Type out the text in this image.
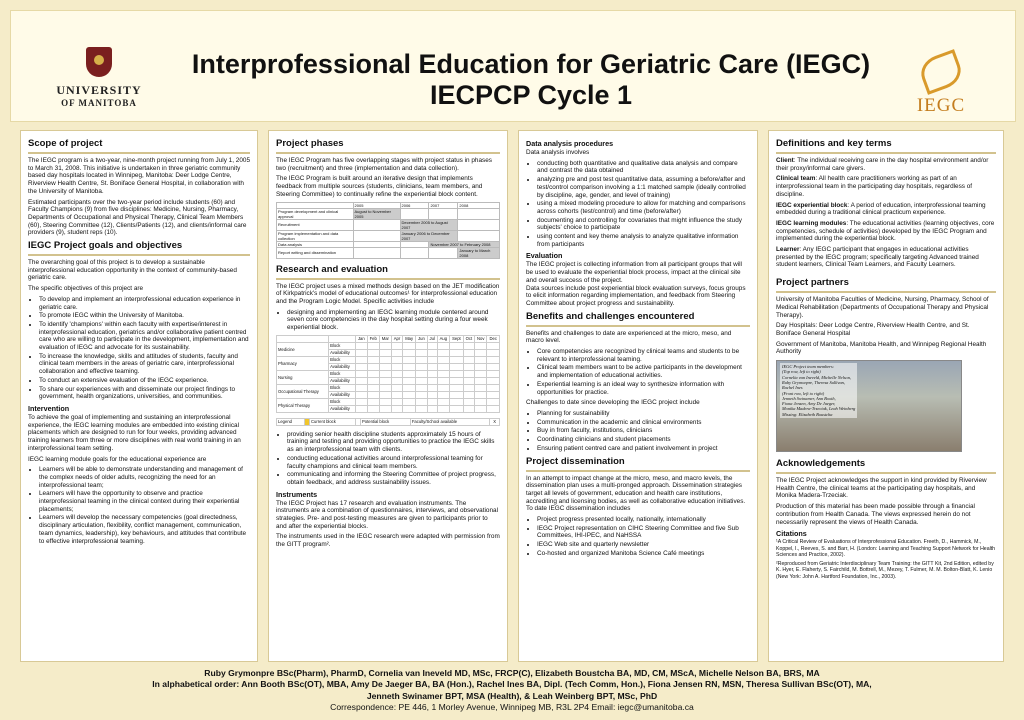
UNIVERSITY
OF MANITOBA
Interprofessional Education for Geriatric Care (IEGC)
IECPCP Cycle 1	IEGC
Scope of project

The IEGC program is a two-year, nine-month project running from July 1, 2005 to March 31, 2008. This initiative is undertaken in three geriatric community based day hospitals located in Winnipeg, Manitoba: Deer Lodge Centre, Riverview Health Centre, St. Boniface General Hospital, in collaboration with the University of Manitoba.

Estimated participants over the two-year period include students (60) and Faculty Champions (9) from five disciplines: Medicine, Nursing, Pharmacy, Departments of Occupational and Physical Therapy, Clinical Team Members (60), Steering Committee (12), Clients/Patients (12), and clients/informal care providers (9), student reps (10).

IEGC Project goals and objectives

The overarching goal of this project is to develop a sustainable interprofessional education opportunity in the context of community-based geriatric care.

The specific objectives of this project are

• To develop and implement an interprofessional education experience in geriatric care.
• To promote IEGC within the University of Manitoba.
• To identify 'champions' within each faculty with expertise/interest in interprofessional education, geriatrics and/or collaborative patient centred care who are willing to participate in the development, implementation and evaluation of IEGC and advocate for its sustainability.
• To increase the knowledge, skills and attitudes of students, faculty and clinical team members in the areas of geriatric care, interprofessional collaboration and effective teaming.
• To conduct an extensive evaluation of the IEGC experience.
• To share our experiences with and disseminate our project findings to government, health organizations, universities, and communities.
Intervention

To achieve the goal of implementing and sustaining an interprofessional experience, the IEGC learning modules are embedded into existing clinical placements which are designed to run for four weeks, providing advanced training learners from three or more disciplines with real world training in an interprofessional team setting.

IEGC learning module goals for the educational experience are

• Learners will be able to demonstrate understanding and management of the complex needs of older adults, recognizing the need for an interprofessional team;
• Learners will have the opportunity to observe and practice interprofessional teaming in the clinical context during their experiential placements;
• Learners will develop the necessary competencies (goal directedness, disciplinary articulation, flexibility, conflict management, communication, team dynamics, leadership), key behaviours, and attitudes that contribute to effective interprofessional teaming.
Project phases

The IEGC Program has five overlapping stages with project status in phases two (recruitment) and three (implementation and data collection).

The IEGC Program is built around an iterative design that implements feedback from multiple sources (students, clinicians, team members, and Steering Committee) to continually refine the experiential block content.

	2005	2006	2007	2008
Program development and clinical approval	August to November 2005			
Recruitment		December 2005 to August 2007		
Program implementation and data collection		January 2006 to December 2007		
Data analysis			November 2007 to February 2008	
Report writing and dissemination				January to March 2008
Research and evaluation

The IEGC project uses a mixed methods design based on the JET modification of Kirkpatrick's model of educational outcomes¹ for interprofessional education and the Program Logic Model. Specific activities include

• designing and implementing an IEGC learning module centered around seven core competencies in the day hospital setting during a four week experiential block.
		Jan	Feb	Mar	Apr	May	Jun	Jul	Aug	Sept	Oct	Nov	Dec
Medicine	Block												
	Availability												
Pharmacy	Block												
	Availability												
Nursing	Block												
	Availability												
Occupational Therapy	Block												
	Availability												
Physical Therapy	Block												
	Availability												
Legend		Current block		Potential block	Faculty/School available	X
• providing senior health discipline students approximately 15 hours of training and testing and providing opportunities to practice the IEGC skills as an interprofessional team with clients.
• conducting educational activities around interprofessional teaming for faculty champions and clinical team members.
• communicating and informing the Steering Committee of project progress, obtain feedback, and address sustainability issues.
Instruments

The IEGC Project has 17 research and evaluation instruments. The instruments are a combination of questionnaires, interviews, and observational strategies. Pre- and post-testing measures are given to participants prior to and after the experiential blocks.

The instruments used in the IEGC research were adapted with permission from the GITT program².

Data analysis procedures

Data analysis involves

• conducting both quantitative and qualitative data analysis and compare and contrast the data obtained
• analyzing pre and post test quantitative data, assuming a before/after and test/control comparison involving a 1:1 matched sample (ideally controlled by discipline, age, gender, and level of training)
• using a mixed modeling procedure to allow for matching and comparisons across cohorts (test/control) and time (before/after)
• documenting and controlling for covariates that might influence the study subjects' choice to participate
• using content and key theme analysis to analyze qualitative information from participants
Evaluation

The IEGC project is collecting information from all participant groups that will be used to evaluate the experiential block process, impact at the clinical site and overall success of the project.
Data sources include post experiential block evaluation surveys, focus groups to elicit information regarding implementation, and feedback from Steering Committee about project progress and sustainability.

Benefits and challenges encountered

Benefits and challenges to date are experienced at the micro, meso, and macro level.

• Core competencies are recognized by clinical teams and students to be relevant to interprofessional teaming.
• Clinical team members want to be active participants in the development and implementation of educational activities.
• Experiential learning is an ideal way to synthesize information with opportunities for practice.

Challenges to date since developing the IEGC project include

• Planning for sustainability
• Communication in the academic and clinical environments
• Buy in from faculty, institutions, clinicians
• Coordinating clinicians and student placements
• Ensuring patient centred care and patient involvement in project
Project dissemination

In an attempt to impact change at the micro, meso, and macro levels, the dissemination plan uses a multi-pronged approach. Dissemination strategies target all levels of government, education and health care institutions, accrediting and licensing bodies, as well as collaborative education initiatives.
To date IEGC dissemination includes

• Project progress presented locally, nationally, internationally
• IEGC Project representation on CIHC Steering Committee and five Sub Committees, IHI-IPEC, and NaHSSA
• IEGC Web site and quarterly newsletter
• Co-hosted and organized Manitoba Science Café meetings
Definitions and key terms

Client: The individual receiving care in the day hospital environment and/or their proxy/informal care givers.

Clinical team: All health care practitioners working as part of an interprofessional team in the participating day hospitals, regardless of discipline.

IEGC experiential block: A period of education, interprofessional teaming embedded during a traditional clinical practicum experience.

IEGC learning modules: The educational activities (learning objectives, core competencies, schedule of activities) developed by the IEGC Program and implemented during the experiential block.

Learner: Any IEGC participant that engages in educational activities presented by the IEGC program; specifically targeting Advanced trained student learners, Clinical Team Learners, and Faculty Learners.

Project partners

University of Manitoba Faculties of Medicine, Nursing, Pharmacy, School of Medical Rehabilitation (Departments of Occupational Therapy and Physical Therapy).

Day Hospitals: Deer Lodge Centre, Riverview Health Centre, and St. Boniface General Hospital

Government of Manitoba, Manitoba Health, and Winnipeg Regional Health Authority

IEGC Project team members:
(Top row, left to right)
Cornelia van Ineveld, Michelle Nelson,
Ruby Grymonpre, Theresa Sullivan,
Rachel Ines
(Front row, left to right)
Jenneth Swinamer, Ann Booth,
Fiona Jensen, Amy De Jaeger,
Monika Madera-Trzeciak, Leah Weinberg
Missing: Elizabeth Boustcha
Acknowledgements

The IEGC Project acknowledges the support in kind provided by Riverview Health Centre, the clinical teams at the participating day hospitals, and Monika Madera-Trzeciak.

Production of this material has been made possible through a financial contribution from Health Canada. The views expressed herein do not necessarily represent the views of Health Canada.

Citations

¹A Critical Review of Evaluations of Interprofessional Education. Freeth, D., Hammick, M., Koppel, I., Reeves, S. and Barr, H. (London: Learning and Teaching Support Network for Health Sciences and Practice, 2002).

²Reproduced from Geriatric Interdisciplinary Team Training: the GITT Kit, 2nd Edition, edited by K. Hyer, E. Flaherty, S. Fairchild, M. Bottrell, M., Mezey, T. Fulmer, M. M. Bolton-Blatt, K. Lenio (New York: John A. Hartford Foundation, Inc., 2003).

Ruby Grymonpre BSc(Pharm), PharmD, Cornelia van Ineveld MD, MSc, FRCP(C), Elizabeth Boustcha BA, MD, CM, MScA, Michelle Nelson BA, BRS, MA
In alphabetical order: Ann Booth BSc(OT), MBA, Amy De Jaeger BA, BA (Hon.), Rachel Ines BA, Dipl. (Tech Comm, Hon.), Fiona Jensen RN, MSN, Theresa Sullivan BSc(OT), MA,
Jenneth Swinamer BPT, MSA (Health), & Leah Weinberg BPT, MSc, PhD
Correspondence: PE 446, 1 Morley Avenue, Winnipeg MB, R3L 2P4 Email: iegc@umanitoba.ca
